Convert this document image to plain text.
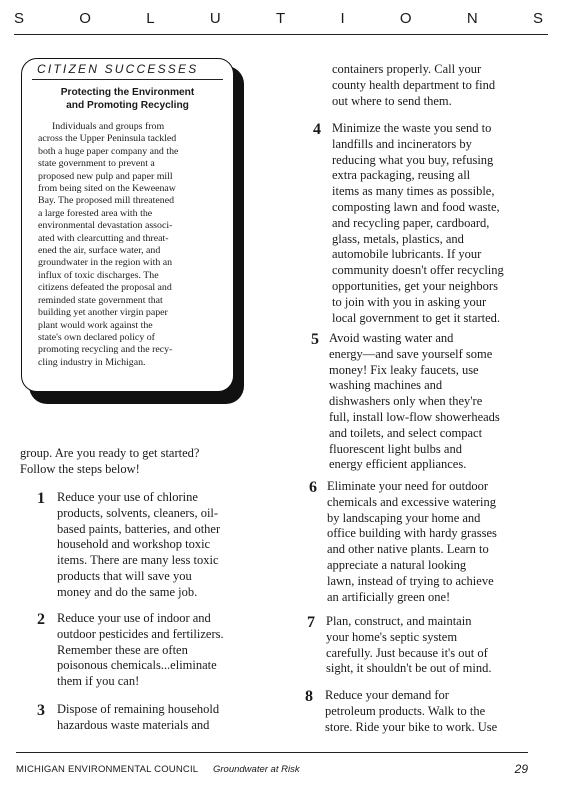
S	O	L	U	T	I	O	N	S
CITIZEN SUCCESSES
Protecting the Environment
and Promoting Recycling
Individuals and groups from
across the Upper Peninsula tackled
both a huge paper company and the
state government to prevent a
proposed new pulp and paper mill
from being sited on the Keweenaw
Bay. The proposed mill threatened
a large forested area with the
environmental devastation associ-
ated with clearcutting and threat-
ened the air, surface water, and
groundwater in the region with an
influx of toxic discharges. The
citizens defeated the proposal and
reminded state government that
building yet another virgin paper
plant would work against the
state's own declared policy of
promoting recycling and the recy-
cling industry in Michigan.
group. Are you ready to get started?
Follow the steps below!
1 Reduce your use of chlorine
products, solvents, cleaners, oil-
based paints, batteries, and other
household and workshop toxic
items. There are many less toxic
products that will save you
money and do the same job.
2 Reduce your use of indoor and
outdoor pesticides and fertilizers.
Remember these are often
poisonous chemicals...eliminate
them if you can!
3 Dispose of remaining household
hazardous waste materials and
containers properly. Call your
county health department to find
out where to send them.
4 Minimize the waste you send to
landfills and incinerators by
reducing what you buy, refusing
extra packaging, reusing all
items as many times as possible,
composting lawn and food waste,
and recycling paper, cardboard,
glass, metals, plastics, and
automobile lubricants. If your
community doesn't offer recycling
opportunities, get your neighbors
to join with you in asking your
local government to get it started.
5 Avoid wasting water and
energy—and save yourself some
money! Fix leaky faucets, use
washing machines and
dishwashers only when they're
full, install low-flow showerheads
and toilets, and select compact
fluorescent light bulbs and
energy efficient appliances.
6 Eliminate your need for outdoor
chemicals and excessive watering
by landscaping your home and
office building with hardy grasses
and other native plants. Learn to
appreciate a natural looking
lawn, instead of trying to achieve
an artificially green one!
7 Plan, construct, and maintain
your home's septic system
carefully. Just because it's out of
sight, it shouldn't be out of mind.
8 Reduce your demand for
petroleum products. Walk to the
store. Ride your bike to work. Use
MICHIGAN ENVIRONMENTAL COUNCIL Groundwater at Risk	29
